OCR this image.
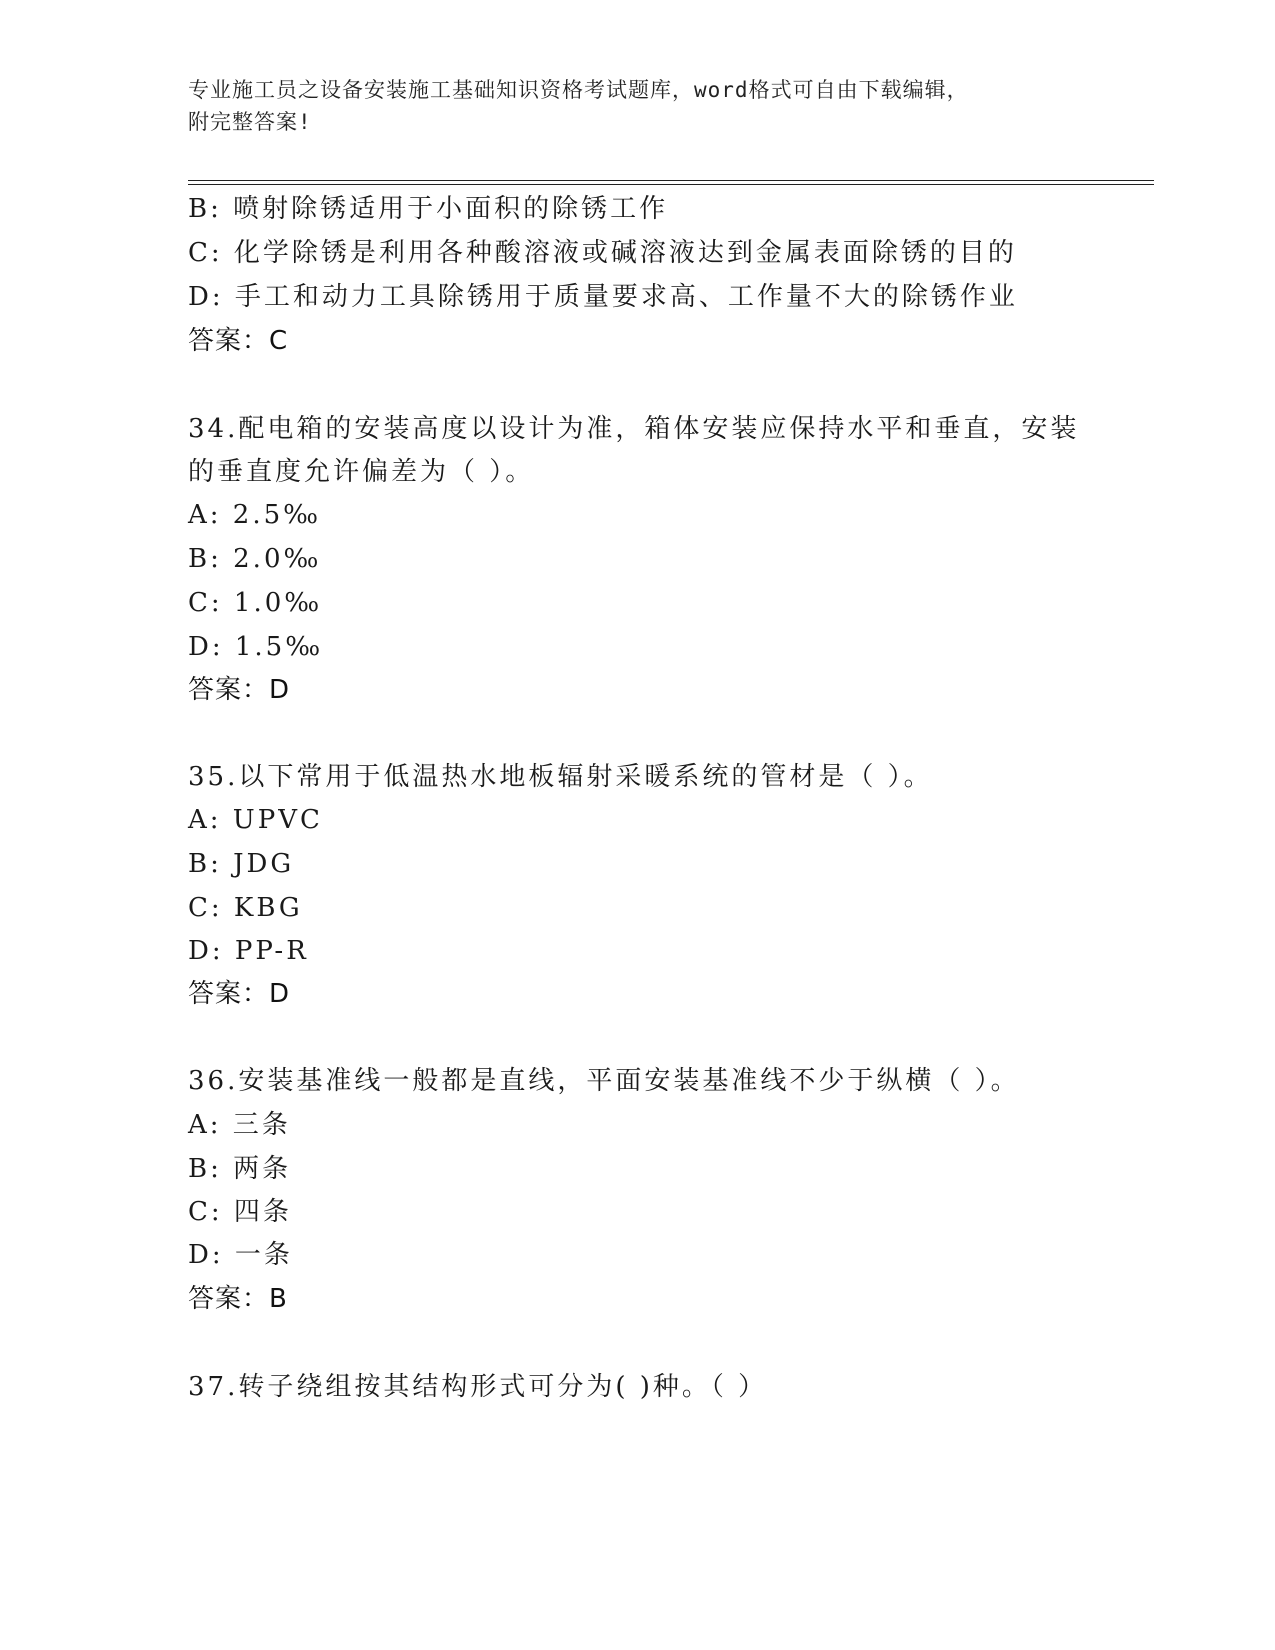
专业施工员之设备安装施工基础知识资格考试题库，word格式可自由下载编辑，
附完整答案!
B: 喷射除锈适用于小面积的除锈工作
C: 化学除锈是利用各种酸溶液或碱溶液达到金属表面除锈的目的
D: 手工和动力工具除锈用于质量要求高、工作量不大的除锈作业
答案：C
34.配电箱的安装高度以设计为准，箱体安装应保持水平和垂直，安装
的垂直度允许偏差为（ ）。
A: 2.5‰
B: 2.0‰
C: 1.0‰
D: 1.5‰
答案：D
35.以下常用于低温热水地板辐射采暖系统的管材是（ ）。
A: UPVC
B: JDG
C: KBG
D: PP-R
答案：D
36.安装基准线一般都是直线，平面安装基准线不少于纵横（ ）。
A: 三条
B: 两条
C: 四条
D: 一条
答案：B
37.转子绕组按其结构形式可分为( )种。（ ）
